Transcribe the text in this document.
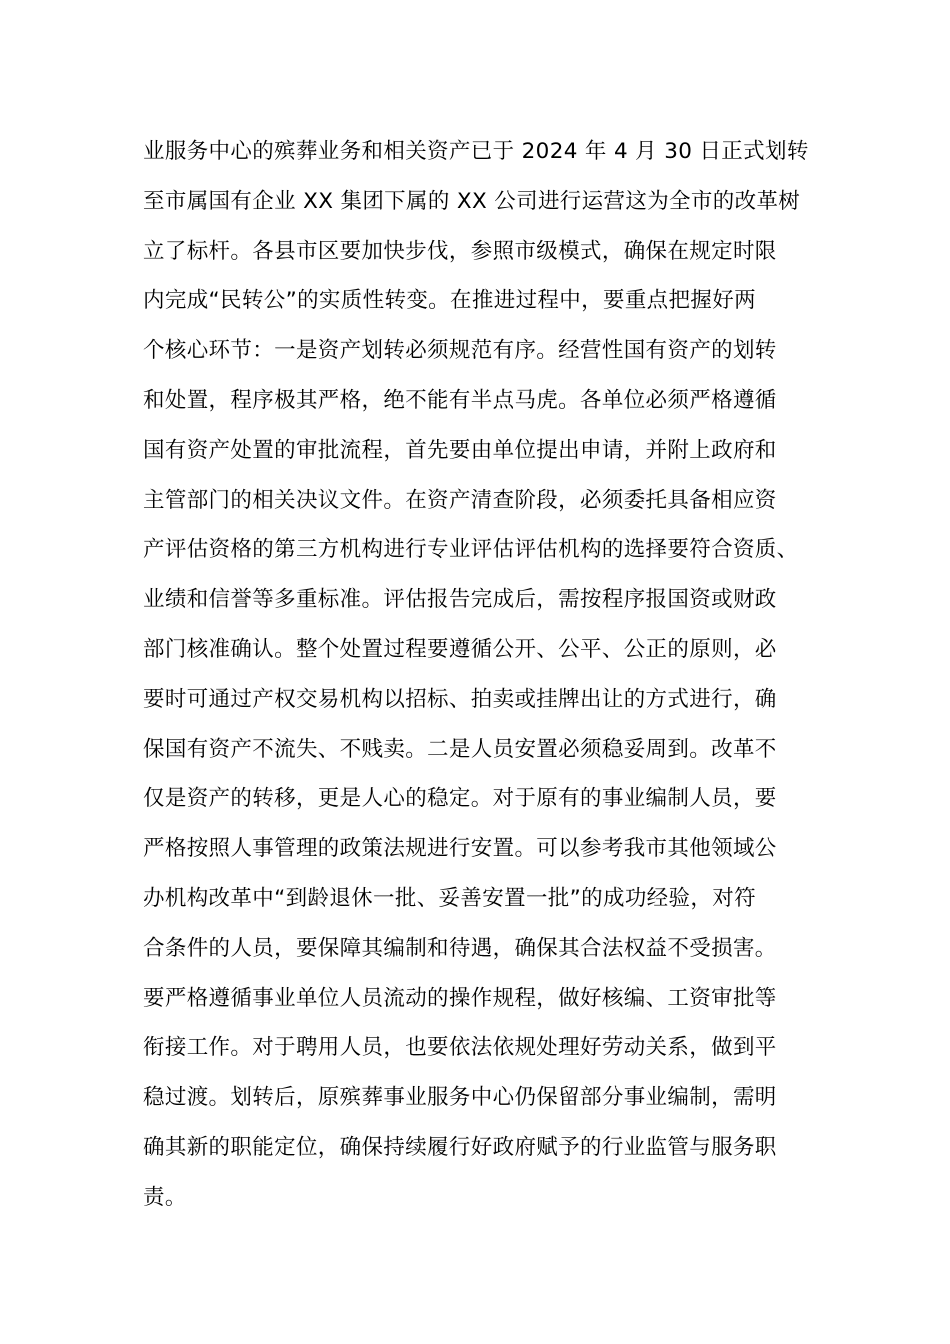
业服务中心的殡葬业务和相关资产已于 2024 年 4 月 30 日正式划转
至市属国有企业 XX 集团下属的 XX 公司进行运营这为全市的改革树
立了标杆。各县市区要加快步伐，参照市级模式，确保在规定时限
内完成“民转公”的实质性转变。在推进过程中，要重点把握好两
个核心环节：一是资产划转必须规范有序。经营性国有资产的划转
和处置，程序极其严格，绝不能有半点马虎。各单位必须严格遵循
国有资产处置的审批流程，首先要由单位提出申请，并附上政府和
主管部门的相关决议文件。在资产清查阶段，必须委托具备相应资
产评估资格的第三方机构进行专业评估评估机构的选择要符合资质、
业绩和信誉等多重标准。评估报告完成后，需按程序报国资或财政
部门核准确认。整个处置过程要遵循公开、公平、公正的原则，必
要时可通过产权交易机构以招标、拍卖或挂牌出让的方式进行，确
保国有资产不流失、不贱卖。二是人员安置必须稳妥周到。改革不
仅是资产的转移，更是人心的稳定。对于原有的事业编制人员，要
严格按照人事管理的政策法规进行安置。可以参考我市其他领域公
办机构改革中“到龄退休一批、妥善安置一批”的成功经验，对符
合条件的人员，要保障其编制和待遇，确保其合法权益不受损害。
要严格遵循事业单位人员流动的操作规程，做好核编、工资审批等
衔接工作。对于聘用人员，也要依法依规处理好劳动关系，做到平
稳过渡。划转后，原殡葬事业服务中心仍保留部分事业编制，需明
确其新的职能定位，确保持续履行好政府赋予的行业监管与服务职
责。
